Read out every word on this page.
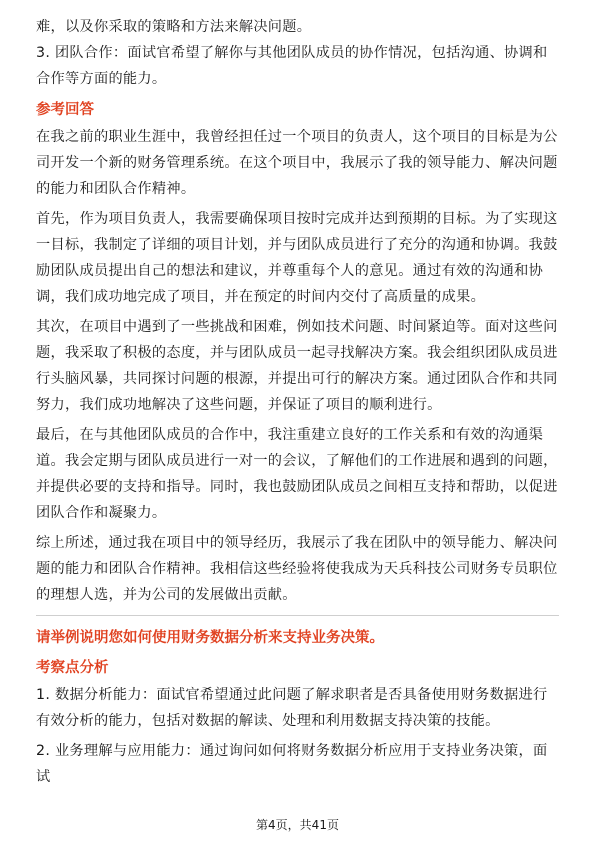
难，以及你采取的策略和方法来解决问题。

3. 团队合作：面试官希望了解你与其他团队成员的协作情况，包括沟通、协调和合作等方面的能力。

参考回答

在我之前的职业生涯中，我曾经担任过一个项目的负责人，这个项目的目标是为公司开发一个新的财务管理系统。在这个项目中，我展示了我的领导能力、解决问题的能力和团队合作精神。

首先，作为项目负责人，我需要确保项目按时完成并达到预期的目标。为了实现这一目标，我制定了详细的项目计划，并与团队成员进行了充分的沟通和协调。我鼓励团队成员提出自己的想法和建议，并尊重每个人的意见。通过有效的沟通和协调，我们成功地完成了项目，并在预定的时间内交付了高质量的成果。

其次，在项目中遇到了一些挑战和困难，例如技术问题、时间紧迫等。面对这些问题，我采取了积极的态度，并与团队成员一起寻找解决方案。我会组织团队成员进行头脑风暴，共同探讨问题的根源，并提出可行的解决方案。通过团队合作和共同努力，我们成功地解决了这些问题，并保证了项目的顺利进行。

最后，在与其他团队成员的合作中，我注重建立良好的工作关系和有效的沟通渠道。我会定期与团队成员进行一对一的会议，了解他们的工作进展和遇到的问题，并提供必要的支持和指导。同时，我也鼓励团队成员之间相互支持和帮助，以促进团队合作和凝聚力。

综上所述，通过我在项目中的领导经历，我展示了我在团队中的领导能力、解决问题的能力和团队合作精神。我相信这些经验将使我成为天兵科技公司财务专员职位的理想人选，并为公司的发展做出贡献。

请举例说明您如何使用财务数据分析来支持业务决策。
考察点分析

1. 数据分析能力：面试官希望通过此问题了解求职者是否具备使用财务数据进行有效分析的能力，包括对数据的解读、处理和利用数据支持决策的技能。

2. 业务理解与应用能力：通过询问如何将财务数据分析应用于支持业务决策，面试

第4页，共41页
